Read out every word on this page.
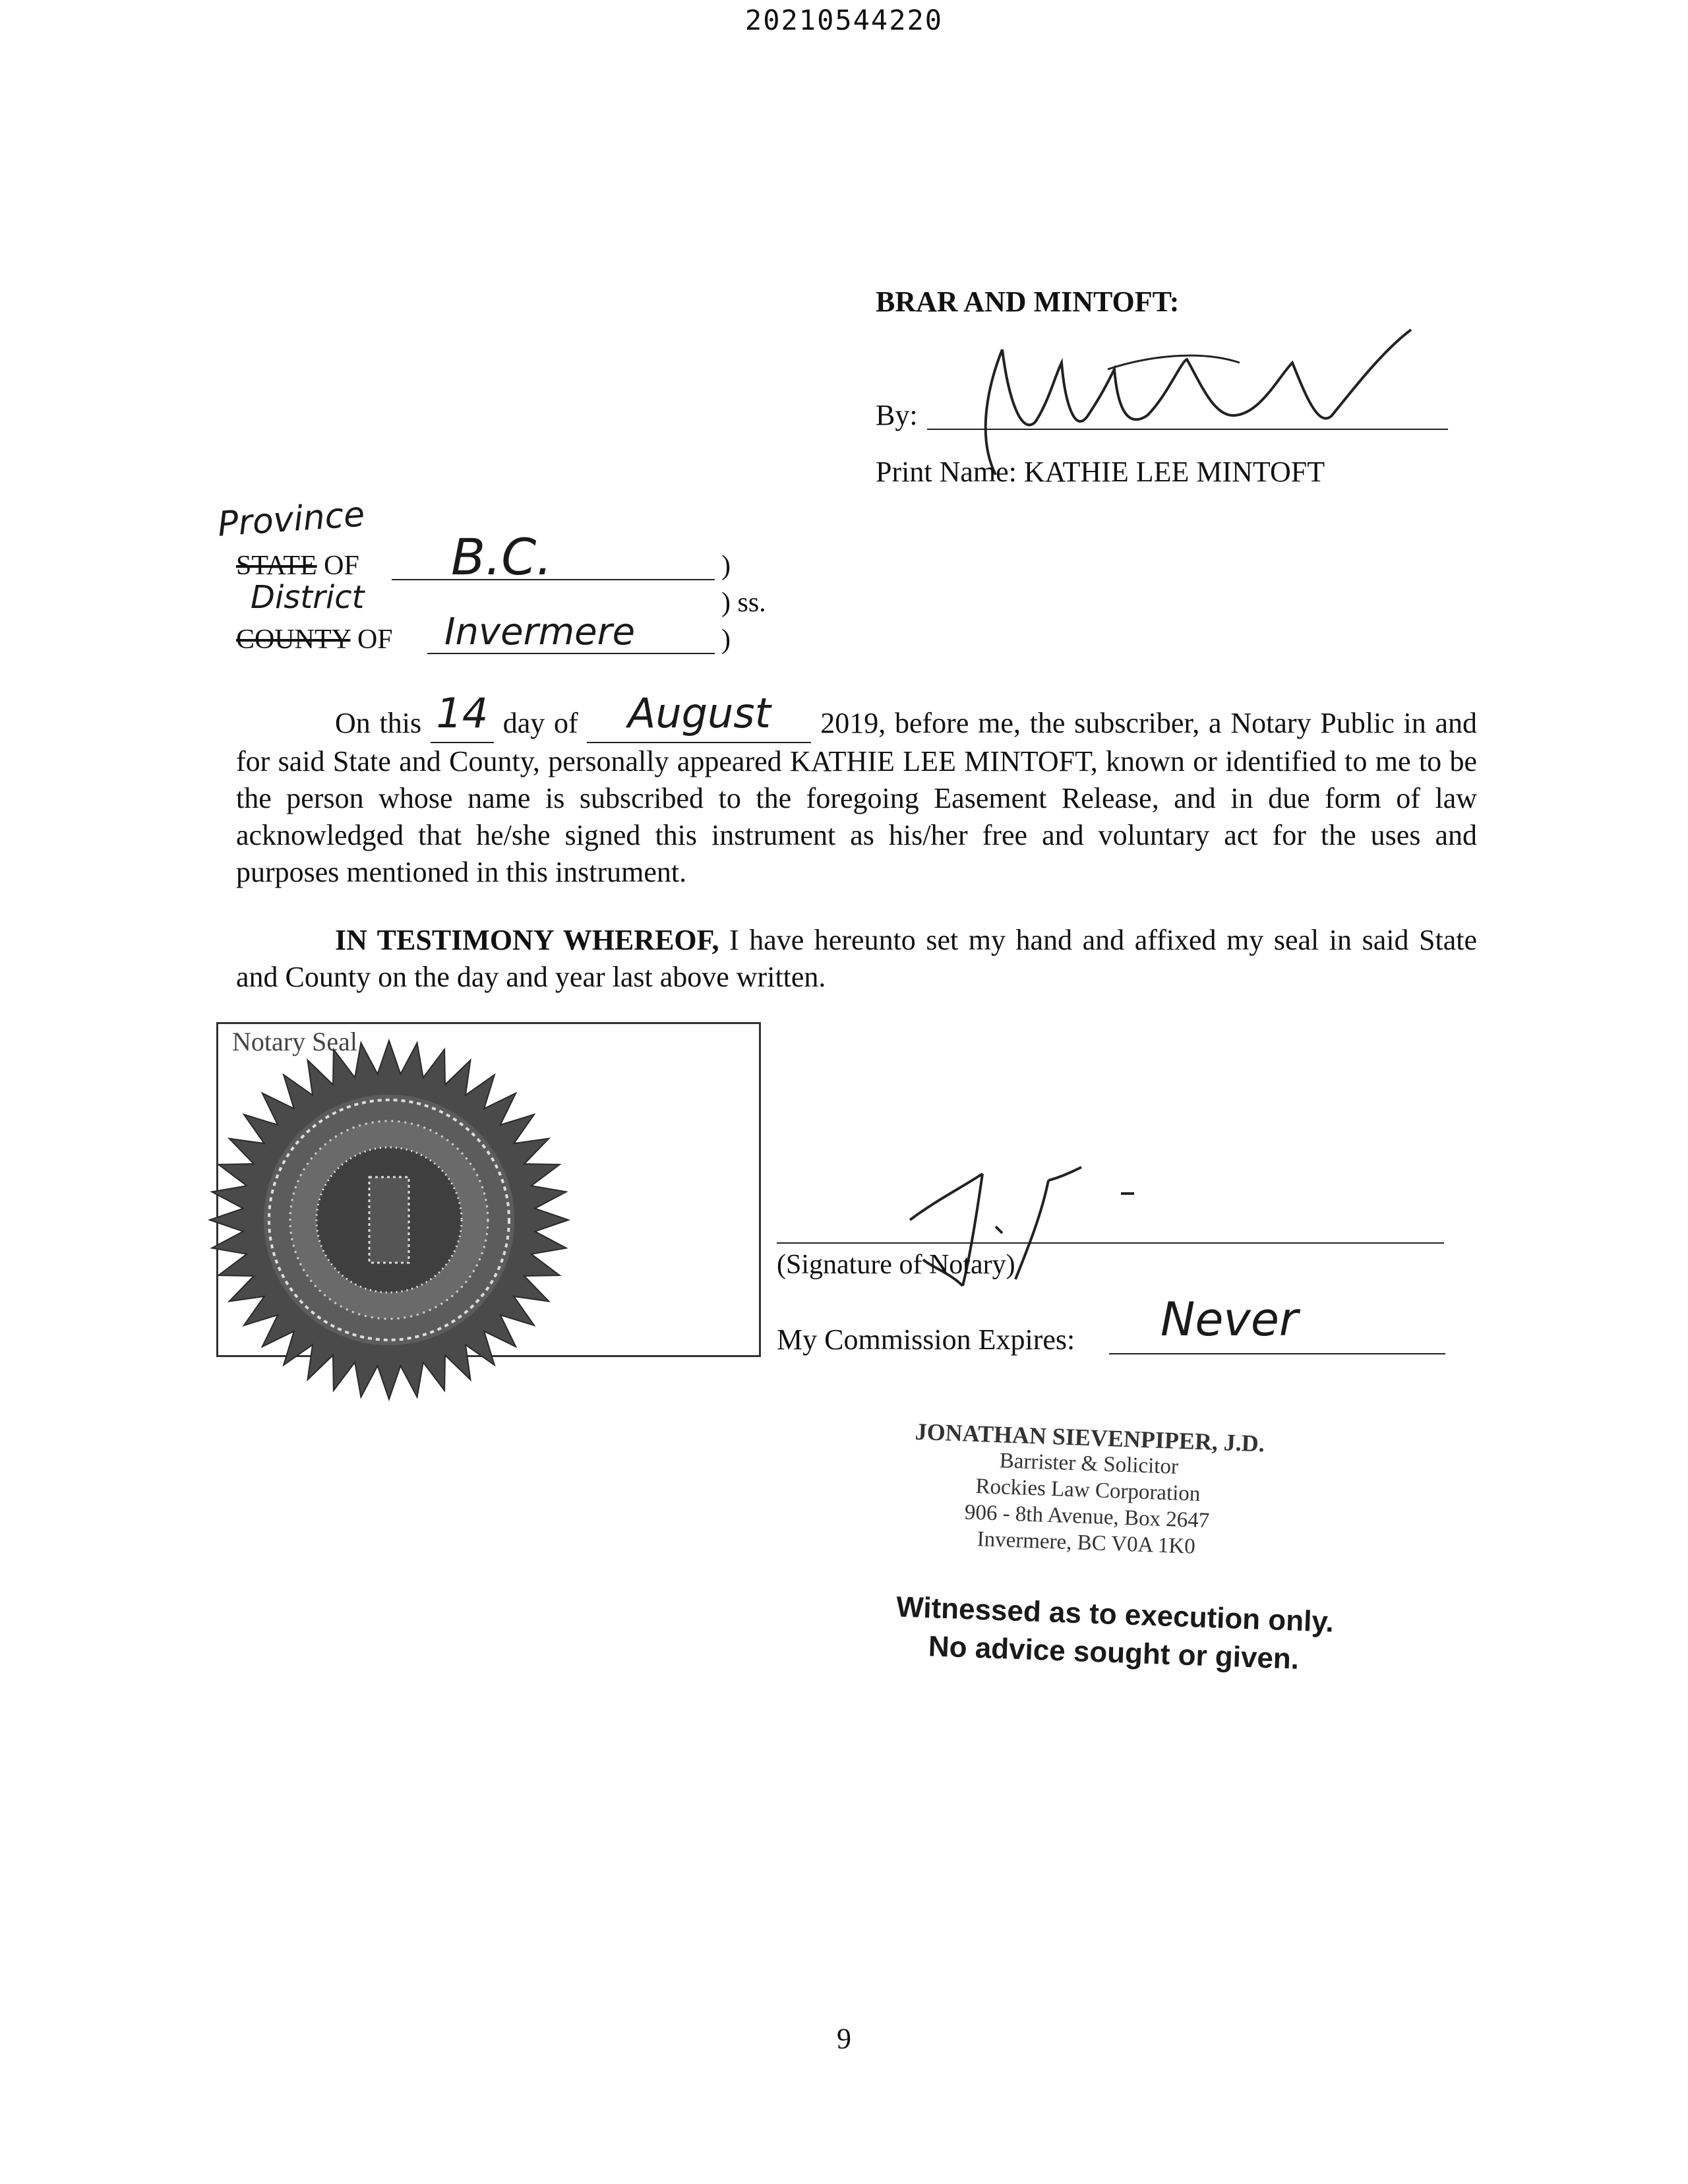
20210544220
BRAR AND MINTOFT:
By:
Print Name: KATHIE LEE MINTOFT
Province
STATE OF B.C.	)
District	) ss.
COUNTY OF Invermere	)
On this 14 day of August 2019, before me, the subscriber, a Notary Public in and for said State and County, personally appeared KATHIE LEE MINTOFT, known or identified to me to be the person whose name is subscribed to the foregoing Easement Release, and in due form of law acknowledged that he/she signed this instrument as his/her free and voluntary act for the uses and purposes mentioned in this instrument.
IN TESTIMONY WHEREOF, I have hereunto set my hand and affixed my seal in said State and County on the day and year last above written.
Notary Seal
(Signature of Notary)
My Commission Expires: Never
JONATHAN SIEVENPIPER, J.D.
Barrister & Solicitor
Rockies Law Corporation
906 - 8th Avenue, Box 2647
Invermere, BC V0A 1K0
Witnessed as to execution only.
No advice sought or given.
9
